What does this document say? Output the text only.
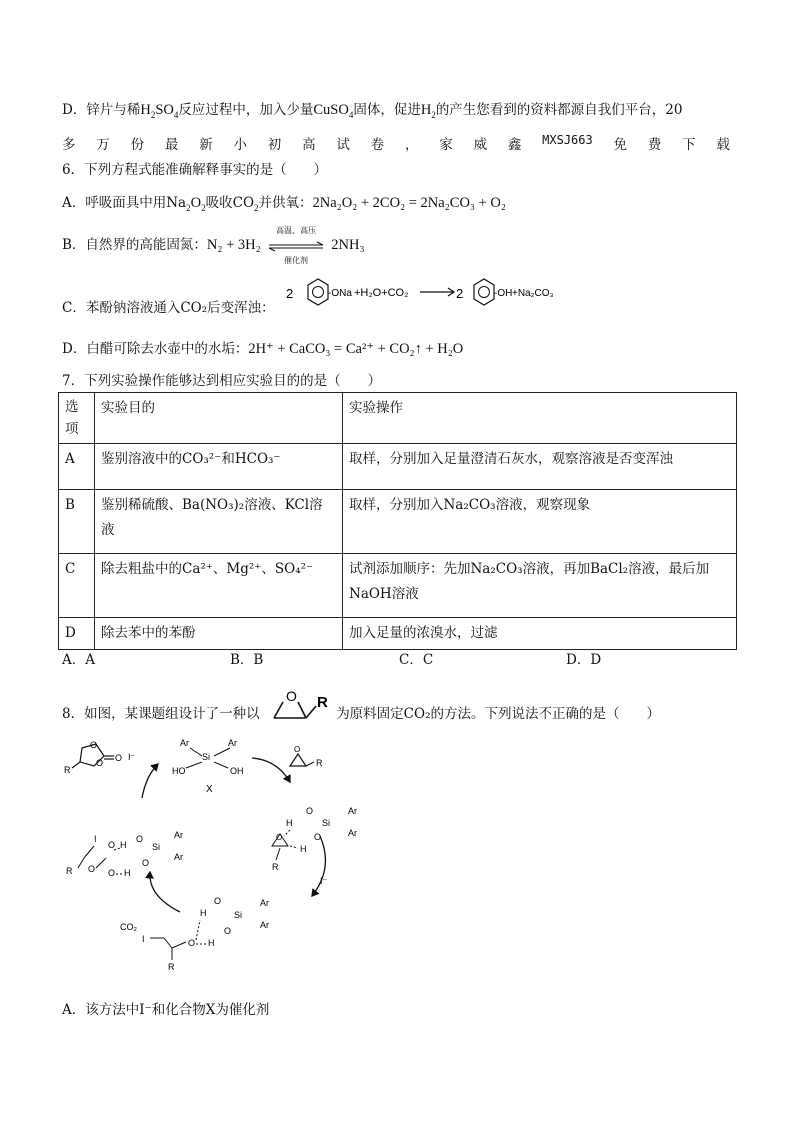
D．锌片与稀$H_2SO_4$反应过程中，加入少量CuSO$_4$固体，促进$H_2$的产生您看到的资料都源自我们平台，20
多 万 份 最 新 小 初 高 试 卷 ， 家 威 鑫 MXSJ663 免 费 下 载
6．下列方程式能准确解释事实的是（　　）
A．呼吸面具中用$Na_2O_2$吸收$CO_2$并供氧：2Na₂O₂ + 2CO₂ = 2Na₂CO₃ + O₂
B．自然界的高能固氮：N₂ + 3H₂
高温、高压
催化剂
2NH₃
C．苯酚钠溶液通入CO₂后变浑浊：
2	-ONa +H₂O+CO₂	2	-OH +Na₂CO₃
D．白醋可除去水壶中的水垢：2H⁺ + CaCO₃ = Ca²⁺ + CO₂↑ + H₂O
7．下列实验操作能够达到相应实验目的的是（　　）
选项	实验目的	实验操作
A	鉴别溶液中的CO₃²⁻和HCO₃⁻	取样，分别加入足量澄清石灰水，观察溶液是否变浑浊
B	鉴别稀硫酸、Ba(NO₃)₂溶液、KCl溶液	取样，分别加入Na₂CO₃溶液，观察现象
C	除去粗盐中的Ca²⁺、Mg²⁺、SO₄²⁻	试剂添加顺序：先加Na₂CO₃溶液，再加BaCl₂溶液，最后加NaOH溶液
D	除去苯中的苯酚	加入足量的浓溴水，过滤
A．A	B．B	C．C	D．D
8．如图，某课题组设计了一种以
O R
为原料固定CO₂的方法。下列说法不正确的是（　　）
O
O O
R
I⁻
Ar	Ar
Si
HO	OH
X
O
R
H
O
Si
Ar
Ar
O
H
O
R
I⁻
O
H	Si
Ar
Ar
O
H
I	O
R
CO₂
I
R O
O H
O
Si
Ar
Ar
O
H
O
A．该方法中I⁻和化合物X为催化剂
